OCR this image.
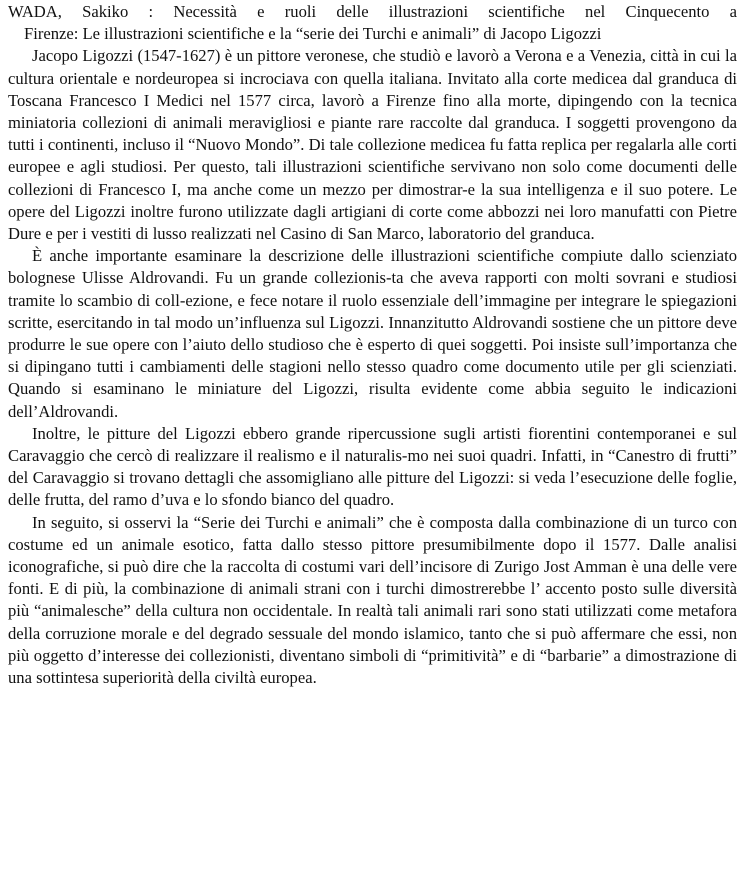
WADA, Sakiko : Necessità e ruoli delle illustrazioni scientifiche nel Cinquecento a
Firenze: Le illustrazioni scientifiche e la “serie dei Turchi e animali” di Jacopo Ligozzi

Jacopo Ligozzi (1547-1627) è un pittore veronese, che studiò e lavorò a Verona e a Venezia, città in cui la cultura orientale e nordeuropea si incrociava con quella italiana. Invitato alla corte medicea dal granduca di Toscana Francesco I Medici nel 1577 circa, lavorò a Firenze fino alla morte, dipingendo con la tecnica miniatoria collezioni di animali meravigliosi e piante rare raccolte dal granduca. I soggetti provengono da tutti i continenti, incluso il “Nuovo Mondo”. Di tale collezione medicea fu fatta replica per regalarla alle corti europee e agli studiosi. Per questo, tali illustrazioni scientifiche servivano non solo come documenti delle collezioni di Francesco I, ma anche come un mezzo per dimostrar-e la sua intelligenza e il suo potere. Le opere del Ligozzi inoltre furono utilizzate dagli artigiani di corte come abbozzi nei loro manufatti con Pietre Dure e per i vestiti di lusso realizzati nel Casino di San Marco, laboratorio del granduca.

È anche importante esaminare la descrizione delle illustrazioni scientifiche compiute dallo scienziato bolognese Ulisse Aldrovandi. Fu un grande collezionis-ta che aveva rapporti con molti sovrani e studiosi tramite lo scambio di coll-ezione, e fece notare il ruolo essenziale dell’immagine per integrare le spiegazioni scritte, esercitando in tal modo un’influenza sul Ligozzi. Innanzitutto Aldrovandi sostiene che un pittore deve produrre le sue opere con l’aiuto dello studioso che è esperto di quei soggetti. Poi insiste sull’importanza che si dipingano tutti i cambiamenti delle stagioni nello stesso quadro come documento utile per gli scienziati. Quando si esaminano le miniature del Ligozzi, risulta evidente come abbia seguito le indicazioni dell’Aldrovandi.

Inoltre, le pitture del Ligozzi ebbero grande ripercussione sugli artisti fiorentini contemporanei e sul Caravaggio che cercò di realizzare il realismo e il naturalis-mo nei suoi quadri. Infatti, in “Canestro di frutti” del Caravaggio si trovano dettagli che assomigliano alle pitture del Ligozzi: si veda l’esecuzione delle foglie, delle frutta, del ramo d’uva e lo sfondo bianco del quadro.

In seguito, si osservi la “Serie dei Turchi e animali” che è composta dalla combinazione di un turco con costume ed un animale esotico, fatta dallo stesso pittore presumibilmente dopo il 1577. Dalle analisi iconografiche, si può dire che la raccolta di costumi vari dell’incisore di Zurigo Jost Amman è una delle vere fonti. E di più, la combinazione di animali strani con i turchi dimostrerebbe l’ accento posto sulle diversità più “animalesche” della cultura non occidentale. In realtà tali animali rari sono stati utilizzati come metafora della corruzione morale e del degrado sessuale del mondo islamico, tanto che si può affermare che essi, non più oggetto d’interesse dei collezionisti, diventano simboli di “primitività” e di “barbarie” a dimostrazione di una sottintesa superiorità della civiltà europea.
